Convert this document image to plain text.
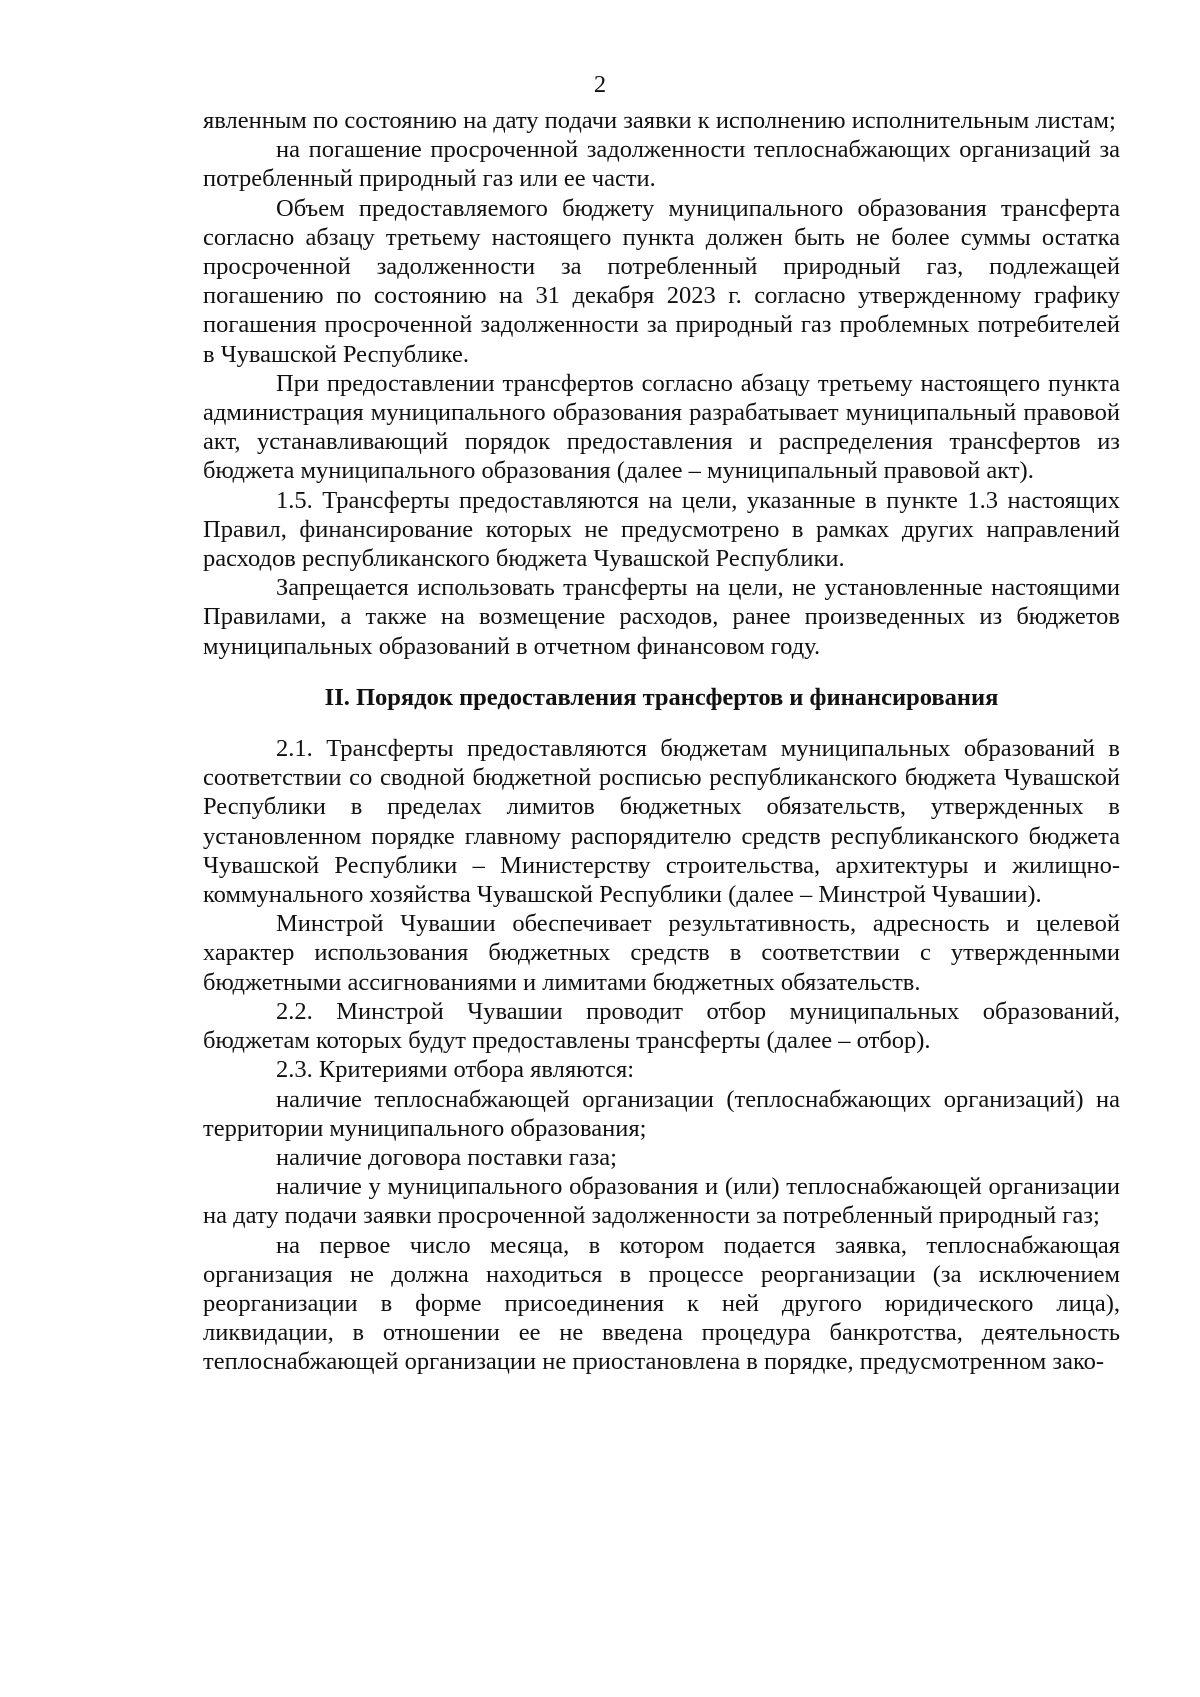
2

явленным по состоянию на дату подачи заявки к исполнению исполнительным листам;

на погашение просроченной задолженности теплоснабжающих организаций за потребленный природный газ или ее части.

Объем предоставляемого бюджету муниципального образования трансферта согласно абзацу третьему настоящего пункта должен быть не более суммы остатка просроченной задолженности за потребленный природный газ, подлежащей погашению по состоянию на 31 декабря 2023 г. согласно утвержденному графику погашения просроченной задолженности за природный газ проблемных потребителей в Чувашской Республике.

При предоставлении трансфертов согласно абзацу третьему настоящего пункта администрация муниципального образования разрабатывает муниципальный правовой акт, устанавливающий порядок предоставления и распределения трансфертов из бюджета муниципального образования (далее – муниципальный правовой акт).

1.5. Трансферты предоставляются на цели, указанные в пункте 1.3 настоящих Правил, финансирование которых не предусмотрено в рамках других направлений расходов республиканского бюджета Чувашской Республики.

Запрещается использовать трансферты на цели, не установленные настоящими Правилами, а также на возмещение расходов, ранее произведенных из бюджетов муниципальных образований в отчетном финансовом году.

II. Порядок предоставления трансфертов и финансирования

2.1. Трансферты предоставляются бюджетам муниципальных образований в соответствии со сводной бюджетной росписью республиканского бюджета Чувашской Республики в пределах лимитов бюджетных обязательств, утвержденных в установленном порядке главному распорядителю средств республиканского бюджета Чувашской Республики – Министерству строительства, архитектуры и жилищно-коммунального хозяйства Чувашской Республики (далее – Минстрой Чувашии).

Минстрой Чувашии обеспечивает результативность, адресность и целевой характер использования бюджетных средств в соответствии с утвержденными бюджетными ассигнованиями и лимитами бюджетных обязательств.

2.2. Минстрой Чувашии проводит отбор муниципальных образований, бюджетам которых будут предоставлены трансферты (далее – отбор).

2.3. Критериями отбора являются:

наличие теплоснабжающей организации (теплоснабжающих организаций) на территории муниципального образования;

наличие договора поставки газа;

наличие у муниципального образования и (или) теплоснабжающей организации на дату подачи заявки просроченной задолженности за потребленный природный газ;

на первое число месяца, в котором подается заявка, теплоснабжающая организация не должна находиться в процессе реорганизации (за исключением реорганизации в форме присоединения к ней другого юридического лица), ликвидации, в отношении ее не введена процедура банкротства, деятельность теплоснабжающей организации не приостановлена в порядке, предусмотренном зако-
